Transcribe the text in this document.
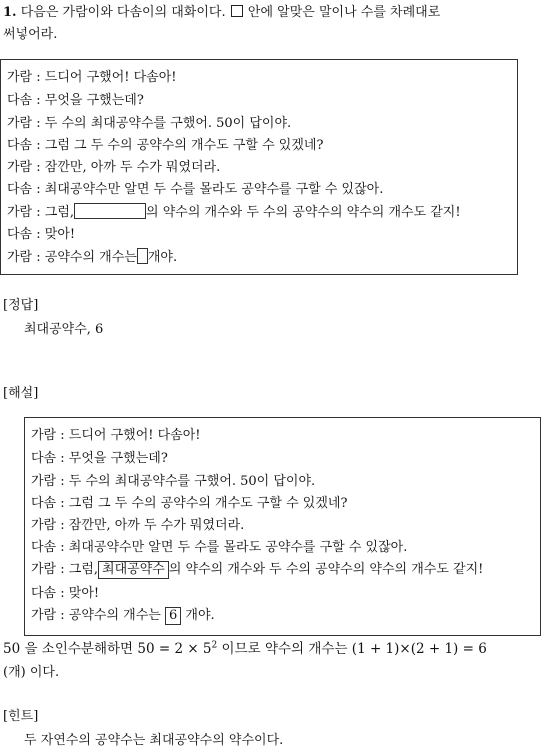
1. 다음은 가람이와 다솜이의 대화이다. 안에 알맞은 말이나 수를 차례대로
써넣어라.
가람 : 드디어 구했어! 다솜아!
다솜 : 무엇을 구했는데?
가람 : 두 수의 최대공약수를 구했어. 50이 답이야.
다솜 : 그럼 그 두 수의 공약수의 개수도 구할 수 있겠네?
가람 : 잠깐만, 아까 두 수가 뭐였더라.
다솜 : 최대공약수만 알면 두 수를 몰라도 공약수를 구할 수 있잖아.
가람 : 그럼,	의 약수의 개수와 두 수의 공약수의 약수의 개수도 같지!
다솜 : 맞아!
가람 : 공약수의 개수는 개야.
[정답]
최대공약수, 6
[해설]
가람 : 드디어 구했어! 다솜아!
다솜 : 무엇을 구했는데?
가람 : 두 수의 최대공약수를 구했어. 50이 답이야.
다솜 : 그럼 그 두 수의 공약수의 개수도 구할 수 있겠네?
가람 : 잠깐만, 아까 두 수가 뭐였더라.
다솜 : 최대공약수만 알면 두 수를 몰라도 공약수를 구할 수 있잖아.
가람 : 그럼, 최대공약수 의 약수의 개수와 두 수의 공약수의 약수의 개수도 같지!
다솜 : 맞아!
가람 : 공약수의 개수는 6 개야.
50 을 소인수분해하면 $50 = 2 \times 5^2$ 이므로 약수의 개수는 (1 + 1)×(2 + 1) = 6
(개) 이다.
[힌트]
두 자연수의 공약수는 최대공약수의 약수이다.
